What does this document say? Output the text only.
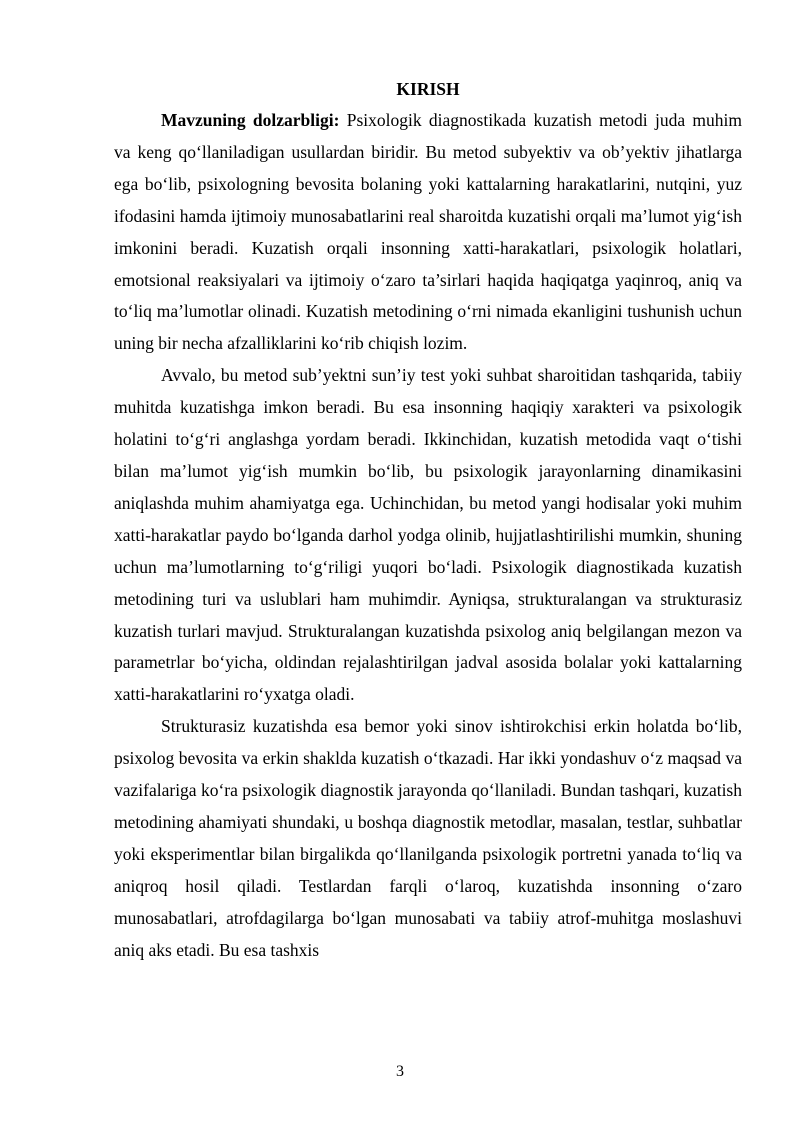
KIRISH

Mavzuning dolzarbligi: Psixologik diagnostikada kuzatish metodi juda muhim va keng qo‘llaniladigan usullardan biridir. Bu metod subyektiv va ob’yektiv jihatlarga ega bo‘lib, psixologning bevosita bolaning yoki kattalarning harakatlarini, nutqini, yuz ifodasini hamda ijtimoiy munosabatlarini real sharoitda kuzatishi orqali ma’lumot yig‘ish imkonini beradi. Kuzatish orqali insonning xatti-harakatlari, psixologik holatlari, emotsional reaksiyalari va ijtimoiy o‘zaro ta’sirlari haqida haqiqatga yaqinroq, aniq va to‘liq ma’lumotlar olinadi. Kuzatish metodining o‘rni nimada ekanligini tushunish uchun uning bir necha afzalliklarini ko‘rib chiqish lozim.

Avvalo, bu metod sub’yektni sun’iy test yoki suhbat sharoitidan tashqarida, tabiiy muhitda kuzatishga imkon beradi. Bu esa insonning haqiqiy xarakteri va psixologik holatini to‘g‘ri anglashga yordam beradi. Ikkinchidan, kuzatish metodida vaqt o‘tishi bilan ma’lumot yig‘ish mumkin bo‘lib, bu psixologik jarayonlarning dinamikasini aniqlashda muhim ahamiyatga ega. Uchinchidan, bu metod yangi hodisalar yoki muhim xatti-harakatlar paydo bo‘lganda darhol yodga olinib, hujjatlashtirilishi mumkin, shuning uchun ma’lumotlarning to‘g‘riligi yuqori bo‘ladi. Psixologik diagnostikada kuzatish metodining turi va uslublari ham muhimdir. Ayniqsa, strukturalangan va strukturasiz kuzatish turlari mavjud. Strukturalangan kuzatishda psixolog aniq belgilangan mezon va parametrlar bo‘yicha, oldindan rejalashtirilgan jadval asosida bolalar yoki kattalarning xatti-harakatlarini ro‘yxatga oladi.

Strukturasiz kuzatishda esa bemor yoki sinov ishtirokchisi erkin holatda bo‘lib, psixolog bevosita va erkin shaklda kuzatish o‘tkazadi. Har ikki yondashuv o‘z maqsad va vazifalariga ko‘ra psixologik diagnostik jarayonda qo‘llaniladi. Bundan tashqari, kuzatish metodining ahamiyati shundaki, u boshqa diagnostik metodlar, masalan, testlar, suhbatlar yoki eksperimentlar bilan birgalikda qo‘llanilganda psixologik portretni yanada to‘liq va aniqroq hosil qiladi. Testlardan farqli o‘laroq, kuzatishda insonning o‘zaro munosabatlari, atrofdagilarga bo‘lgan munosabati va tabiiy atrof-muhitga moslashuvi aniq aks etadi. Bu esa tashxis

3
